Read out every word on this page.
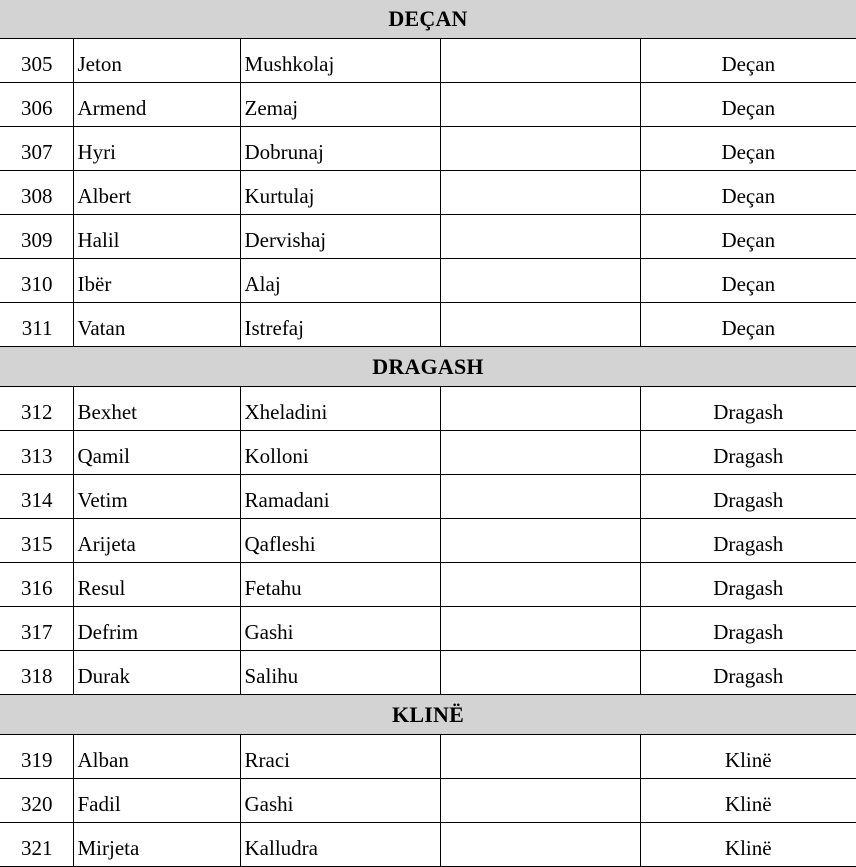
DEÇAN				
305	Jeton	Mushkolaj		Deçan
306	Armend	Zemaj		Deçan
307	Hyri	Dobrunaj		Deçan
308	Albert	Kurtulaj		Deçan
309	Halil	Dervishaj		Deçan
310	Ibër	Alaj		Deçan
311	Vatan	Istrefaj		Deçan
DRAGASH				
312	Bexhet	Xheladini		Dragash
313	Qamil	Kolloni		Dragash
314	Vetim	Ramadani		Dragash
315	Arijeta	Qafleshi		Dragash
316	Resul	Fetahu		Dragash
317	Defrim	Gashi		Dragash
318	Durak	Salihu		Dragash
KLINË				
319	Alban	Rraci		Klinë
320	Fadil	Gashi		Klinë
321	Mirjeta	Kalludra		Klinë
